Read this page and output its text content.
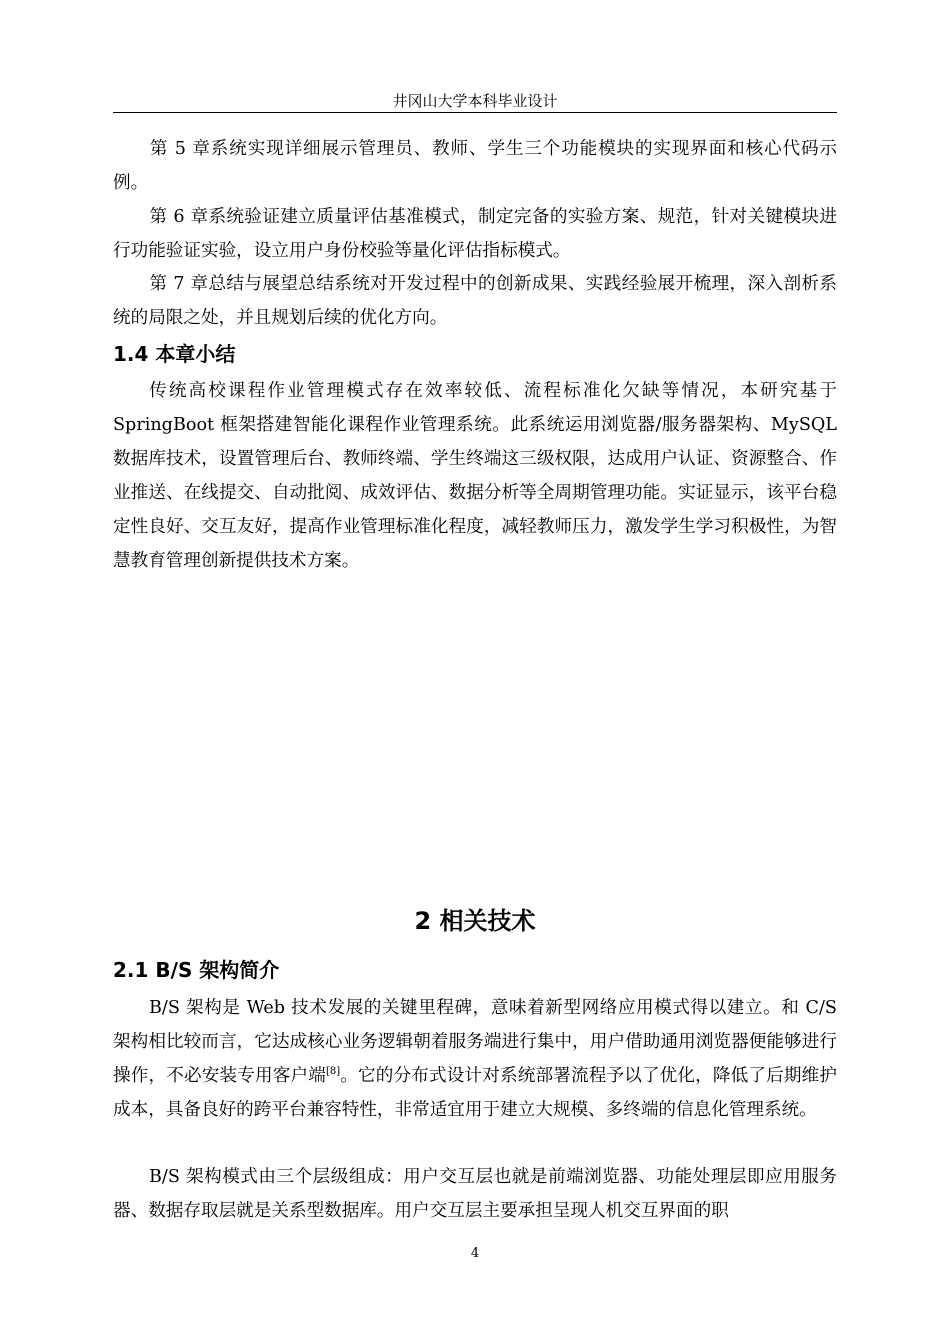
井冈山大学本科毕业设计

第 5 章系统实现详细展示管理员、教师、学生三个功能模块的实现界面和核心代码示例。

第 6 章系统验证建立质量评估基准模式，制定完备的实验方案、规范，针对关键模块进行功能验证实验，设立用户身份校验等量化评估指标模式。

第 7 章总结与展望总结系统对开发过程中的创新成果、实践经验展开梳理，深入剖析系统的局限之处，并且规划后续的优化方向。

1.4 本章小结

传统高校课程作业管理模式存在效率较低、流程标准化欠缺等情况，本研究基于 SpringBoot 框架搭建智能化课程作业管理系统。此系统运用浏览器/服务器架构、MySQL 数据库技术，设置管理后台、教师终端、学生终端这三级权限，达成用户认证、资源整合、作业推送、在线提交、自动批阅、成效评估、数据分析等全周期管理功能。实证显示，该平台稳定性良好、交互友好，提高作业管理标准化程度，减轻教师压力，激发学生学习积极性，为智慧教育管理创新提供技术方案。

2 相关技术
2.1 B/S 架构简介

B/S 架构是 Web 技术发展的关键里程碑，意味着新型网络应用模式得以建立。和 C/S 架构相比较而言，它达成核心业务逻辑朝着服务端进行集中，用户借助通用浏览器便能够进行操作，不必安装专用客户端[8]。它的分布式设计对系统部署流程予以了优化，降低了后期维护成本，具备良好的跨平台兼容特性，非常适宜用于建立大规模、多终端的信息化管理系统。

B/S 架构模式由三个层级组成：用户交互层也就是前端浏览器、功能处理层即应用服务器、数据存取层就是关系型数据库。用户交互层主要承担呈现人机交互界面的职

4
